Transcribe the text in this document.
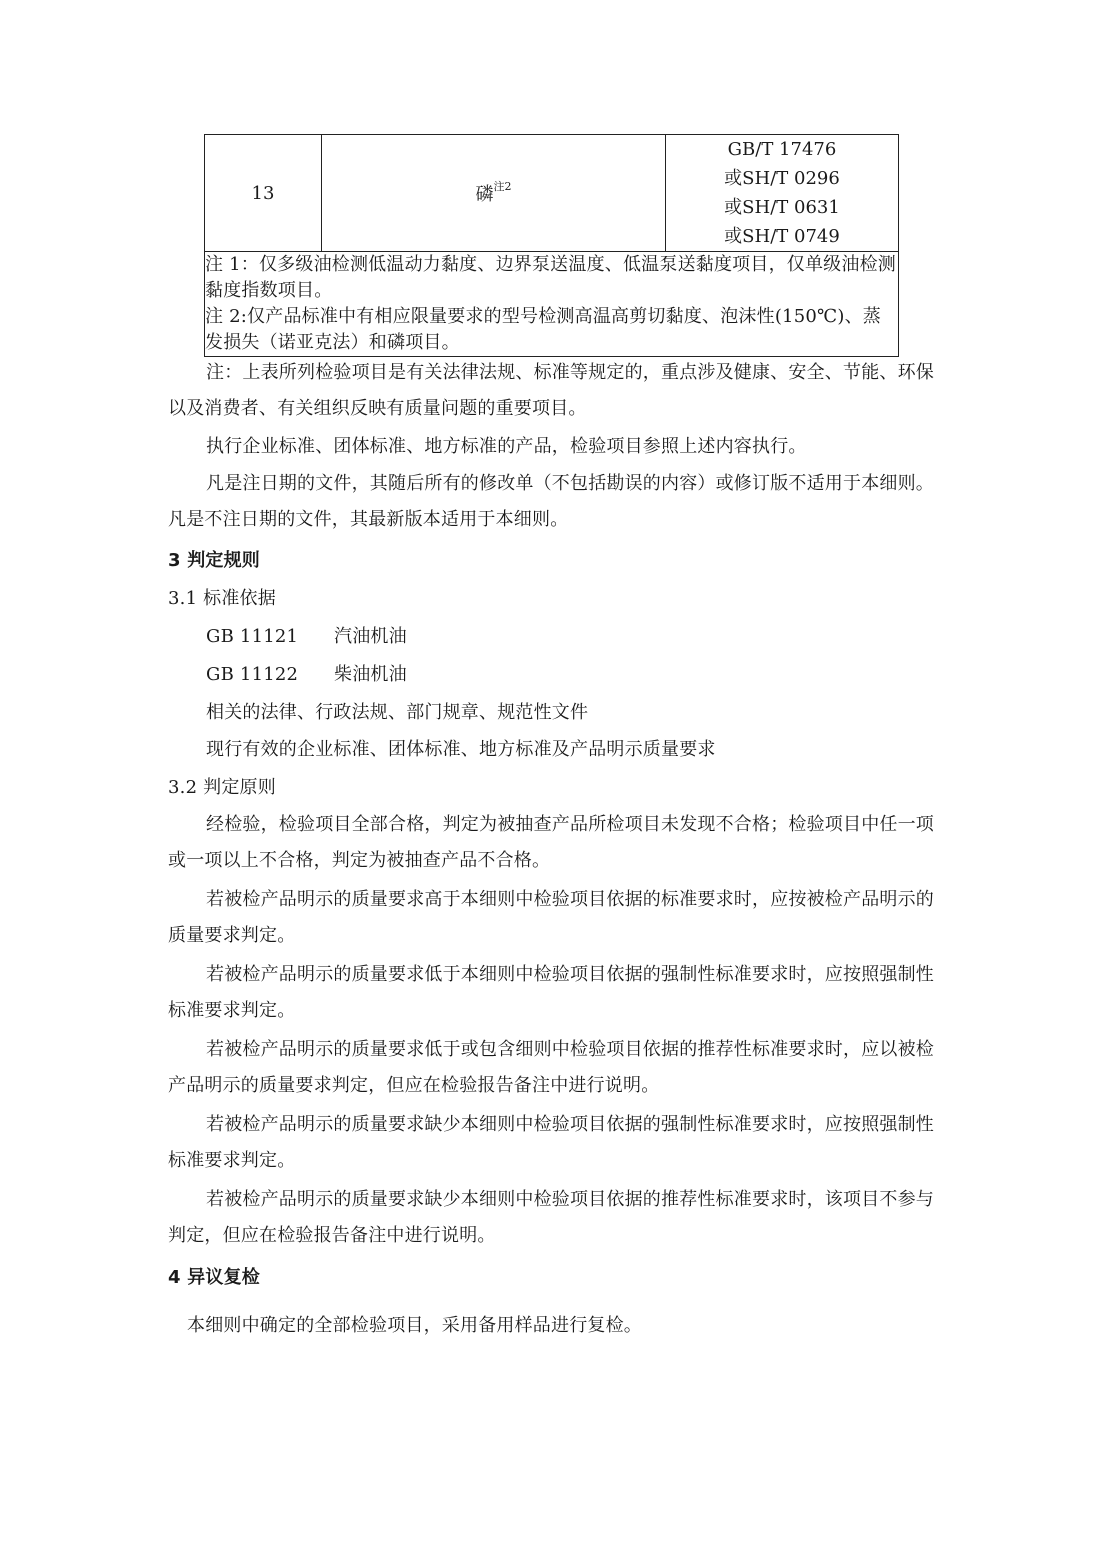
13	磷$^{注2}$	
GB/T 17476
或SH/T 0296
或SH/T 0631
或SH/T 0749

注 1：仅多级油检测低温动力黏度、边界泵送温度、低温泵送黏度项目，仅单级油检测黏度指数项目。

注 2:仅产品标准中有相应限量要求的型号检测高温高剪切黏度、泡沫性(150℃)、蒸发损失（诺亚克法）和磷项目。

注：上表所列检验项目是有关法律法规、标准等规定的，重点涉及健康、安全、节能、环保以及消费者、有关组织反映有质量问题的重要项目。

执行企业标准、团体标准、地方标准的产品，检验项目参照上述内容执行。

凡是注日期的文件，其随后所有的修改单（不包括勘误的内容）或修订版不适用于本细则。凡是不注日期的文件，其最新版本适用于本细则。

3 判定规则

3.1 标准依据

GB 11121 汽油机油

GB 11122 柴油机油

相关的法律、行政法规、部门规章、规范性文件

现行有效的企业标准、团体标准、地方标准及产品明示质量要求

3.2 判定原则

经检验，检验项目全部合格，判定为被抽查产品所检项目未发现不合格；检验项目中任一项或一项以上不合格，判定为被抽查产品不合格。

若被检产品明示的质量要求高于本细则中检验项目依据的标准要求时，应按被检产品明示的质量要求判定。

若被检产品明示的质量要求低于本细则中检验项目依据的强制性标准要求时，应按照强制性标准要求判定。

若被检产品明示的质量要求低于或包含细则中检验项目依据的推荐性标准要求时，应以被检产品明示的质量要求判定，但应在检验报告备注中进行说明。

若被检产品明示的质量要求缺少本细则中检验项目依据的强制性标准要求时，应按照强制性标准要求判定。

若被检产品明示的质量要求缺少本细则中检验项目依据的推荐性标准要求时，该项目不参与判定，但应在检验报告备注中进行说明。

4 异议复检

本细则中确定的全部检验项目，采用备用样品进行复检。
